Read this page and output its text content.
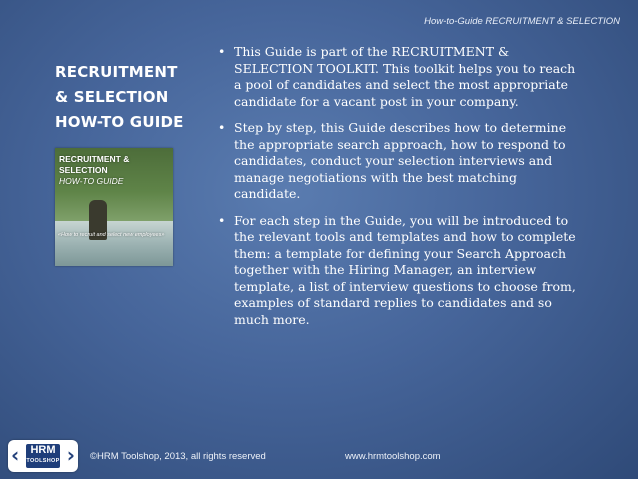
How-to-Guide RECRUITMENT & SELECTION
RECRUITMENT
& SELECTION
HOW-TO GUIDE
RECRUITMENT &
SELECTION
HOW-TO GUIDE
«How to recruit and select new employees»
• This Guide is part of the RECRUITMENT & SELECTION TOOLKIT. This toolkit helps you to reach a pool of candidates and select the most appropriate candidate for a vacant post in your company.
• Step by step, this Guide describes how to determine the appropriate search approach, how to respond to candidates, conduct your selection interviews and manage negotiations with the best matching candidate.
• For each step in the Guide, you will be introduced to the relevant tools and templates and how to complete them: a template for defining your Search Approach together with the Hiring Manager, an interview template, a list of interview questions to choose from, examples of standard replies to candidates and so much more.
‹	HRM
TOOLSHOP › ©HRM Toolshop, 2013, all rights reserved	www.hrmtoolshop.com
